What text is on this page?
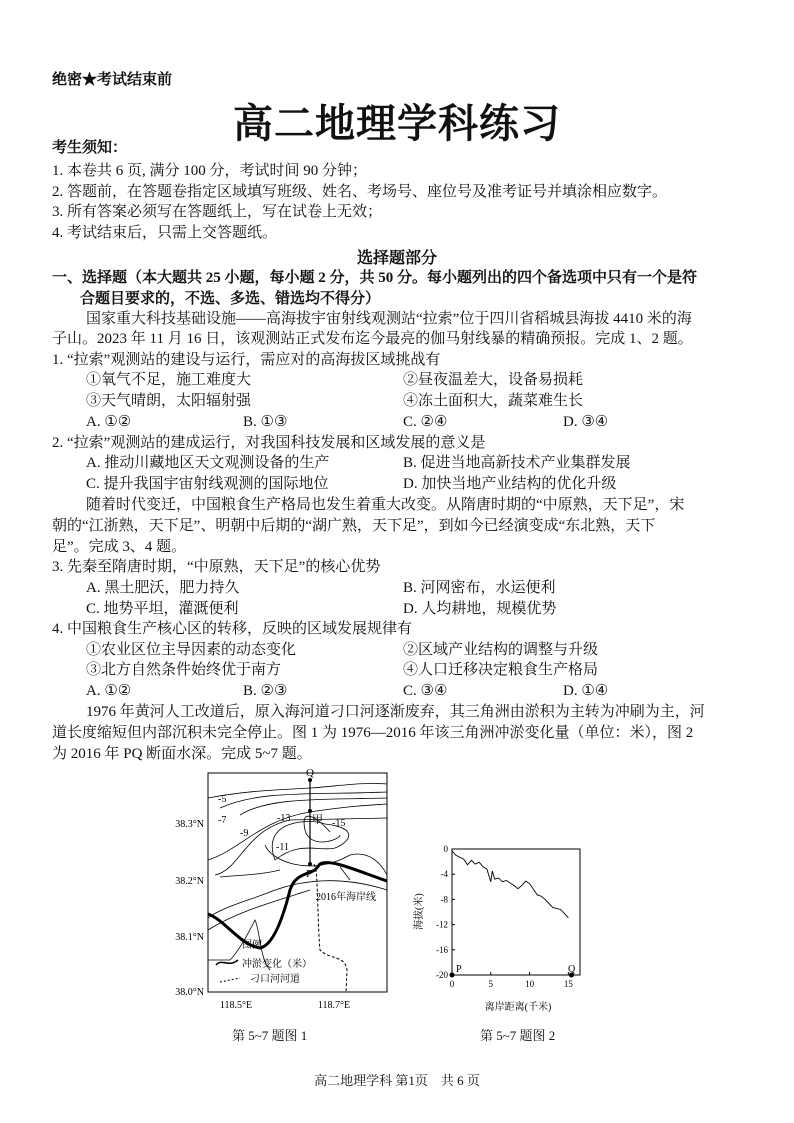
绝密★考试结束前
高二地理学科练习
考生须知：
1. 本卷共 6 页, 满分 100 分，考试时间 90 分钟；
2. 答题前，在答题卷指定区域填写班级、姓名、考场号、座位号及准考证号并填涂相应数字。
3. 所有答案必须写在答题纸上，写在试卷上无效；
4. 考试结束后，只需上交答题纸。
选择题部分
一、选择题（本大题共 25 小题，每小题 2 分，共 50 分。每小题列出的四个备选项中只有一个是符
合题目要求的，不选、多选、错选均不得分）
国家重大科技基础设施——高海拔宇宙射线观测站“拉索”位于四川省稻城县海拔 4410 米的海
子山。2023 年 11 月 16 日，该观测站正式发布迄今最亮的伽马射线暴的精确预报。完成 1、2 题。
1. “拉索”观测站的建设与运行，需应对的高海拔区域挑战有
①氧气不足，施工难度大	②昼夜温差大，设备易损耗
③天气晴朗，太阳辐射强	④冻土面积大，蔬菜难生长
A. ①②	B. ①③	C. ②④	D. ③④
2. “拉索”观测站的建成运行，对我国科技发展和区域发展的意义是
A. 推动川藏地区天文观测设备的生产	B. 促进当地高新技术产业集群发展
C. 提升我国宇宙射线观测的国际地位	D. 加快当地产业结构的优化升级
随着时代变迁，中国粮食生产格局也发生着重大改变。从隋唐时期的“中原熟，天下足”，宋
朝的“江浙熟，天下足”、明朝中后期的“湖广熟，天下足”，到如今已经演变成“东北熟，天下
足”。完成 3、4 题。
3. 先秦至隋唐时期，“中原熟，天下足”的核心优势
A. 黑土肥沃，肥力持久	B. 河网密布，水运便利
C. 地势平坦，灌溉便利	D. 人均耕地，规模优势
4. 中国粮食生产核心区的转移，反映的区域发展规律有
①农业区位主导因素的动态变化	②区域产业结构的调整与升级
③北方自然条件始终优于南方	④人口迁移决定粮食生产格局
A. ①②	B. ②③	C. ③④	D. ①④
1976 年黄河人工改道后，原入海河道刁口河逐渐废弃，其三角洲由淤积为主转为冲刷为主，河
道长度缩短但内部沉积未完全停止。图 1 为 1976—2016 年该三角洲冲淤变化量（单位：米），图 2
为 2016 年 PQ 断面水深。完成 5~7 题。
Q
P
甲
-5
-7
-9
-11
-13	-15
2016年海岸线
38.3°N
38.2°N
38.1°N
38.0°N
118.5°E	118.7°E
图例
冲淤变化（米）
刁口河河道
第 5~7 题图 1
0
-4
-8
-12
-16
-20
0	5	10	15
P	Q
海拔(米)
离岸距离(千米)
第 5~7 题图 2
高二地理学科 第1页　共 6 页
